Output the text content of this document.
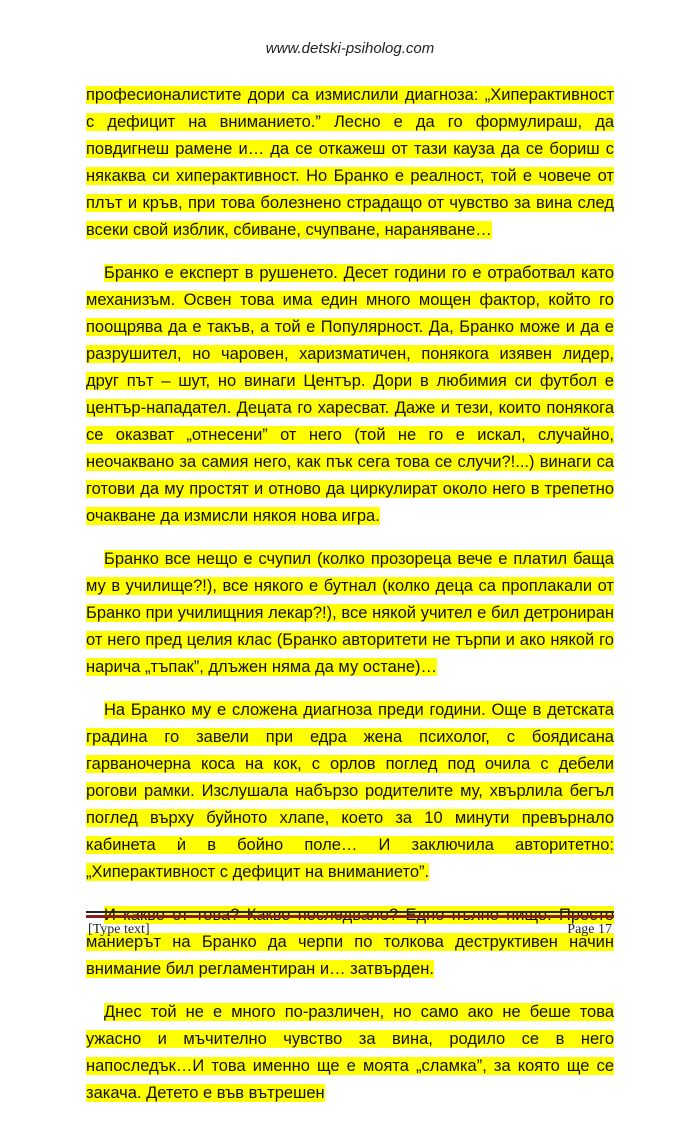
www.detski-psiholog.com

професионалистите дори са измислили диагноза: „Хиперактивност с дефицит на вниманието.” Лесно е да го формулираш, да повдигнеш рамене и… да се откажеш от тази кауза да се бориш с някаква си хиперактивност. Но Бранко е реалност, той е човече от плът и кръв, при това болезнено страдащо от чувство за вина след всеки свой изблик, сбиване, счупване, нараняване…

Бранко е експерт в рушенето. Десет години го е отработвал като механизъм. Освен това има един много мощен фактор, който го поощрява да е такъв, а той е Популярност. Да, Бранко може и да е разрушител, но чаровен, харизматичен, понякога изявен лидер, друг път – шут, но винаги Център. Дори в любимия си футбол е център-нападател. Децата го харесват. Даже и тези, които понякога се оказват „отнесени” от него (той не го е искал, случайно, неочаквано за самия него, как пък сега това се случи?!...) винаги са готови да му простят и отново да циркулират около него в трепетно очакване да измисли някоя нова игра.

Бранко все нещо е счупил (колко прозореца вече е платил баща му в училище?!), все някого е бутнал (колко деца са проплакали от Бранко при училищния лекар?!), все някой учител е бил детрониран от него пред целия клас (Бранко авторитети не търпи и ако някой го нарича „тъпак”, длъжен няма да му остане)…

На Бранко му е сложена диагноза преди години. Още в детската градина го завели при едра жена психолог, с боядисана гарваночерна коса на кок, с орлов поглед под очила с дебели рогови рамки. Изслушала набързо родителите му, хвърлила бегъл поглед върху буйното хлапе, което за 10 минути превърнало кабинета ѝ в бойно поле… И заключила авторитетно: „Хиперактивност с дефицит на вниманието”.

маниерът на Бранко да черпи по толкова деструктивен начин внимание бил регламентиран и… затвърден.

Днес той не е много по-различен, но само ако не беше това ужасно и мъчително чувство за вина, родило се в него напоследък…И това именно ще е моята „сламка”, за която ще се закача. Детето е във вътрешен

[Type text]	Page 17
